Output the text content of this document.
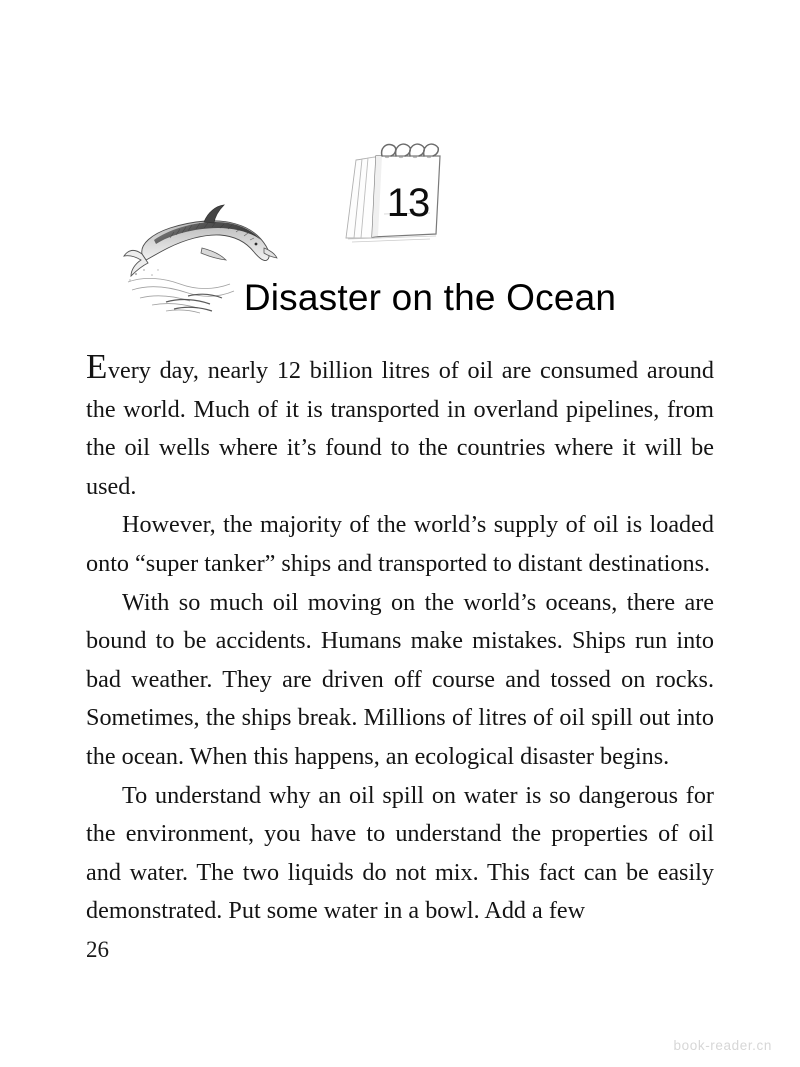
13
Disaster on the Ocean

Every day, nearly 12 billion litres of oil are consumed around the world. Much of it is transported in overland pipelines, from the oil wells where it’s found to the countries where it will be used.

However, the majority of the world’s supply of oil is loaded onto “super tanker” ships and transported to distant destinations.

With so much oil moving on the world’s oceans, there are bound to be accidents. Humans make mistakes. Ships run into bad weather. They are driven off course and tossed on rocks. Sometimes, the ships break. Millions of litres of oil spill out into the ocean. When this happens, an ecological disaster begins.

To understand why an oil spill on water is so dangerous for the environment, you have to understand the properties of oil and water. The two liquids do not mix. This fact can be easily demonstrated. Put some water in a bowl. Add a few

26
book-reader.cn
